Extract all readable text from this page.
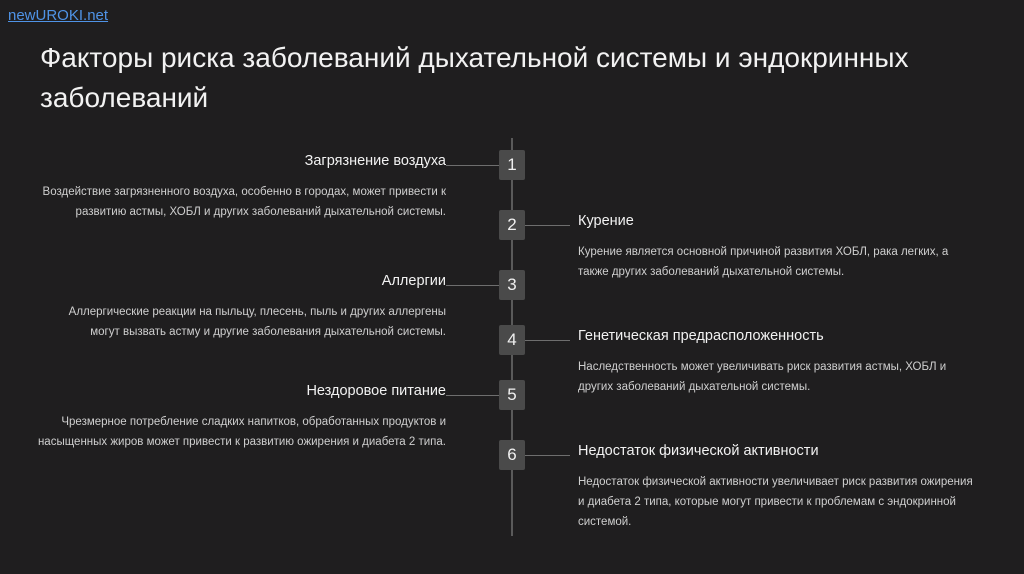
newUROKI.net
Факторы риска заболеваний дыхательной системы и эндокринных заболеваний
1
Загрязнение воздуха
Воздействие загрязненного воздуха, особенно в городах, может привести к развитию астмы, ХОБЛ и других заболеваний дыхательной системы.
2	Курение
Курение является основной причиной развития ХОБЛ, рака легких, а также других заболеваний дыхательной системы.
3
Аллергии
Аллергические реакции на пыльцу, плесень, пыль и других аллергены могут вызвать астму и другие заболевания дыхательной системы.	4	Генетическая предрасположенность
Наследственность может увеличивать риск развития астмы, ХОБЛ и других заболеваний дыхательной системы.
5
Нездоровое питание
Чрезмерное потребление сладких напитков, обработанных продуктов и насыщенных жиров может привести к развитию ожирения и диабета 2 типа.
6	Недостаток физической активности
Недостаток физической активности увеличивает риск развития ожирения и диабета 2 типа, которые могут привести к проблемам с эндокринной системой.
